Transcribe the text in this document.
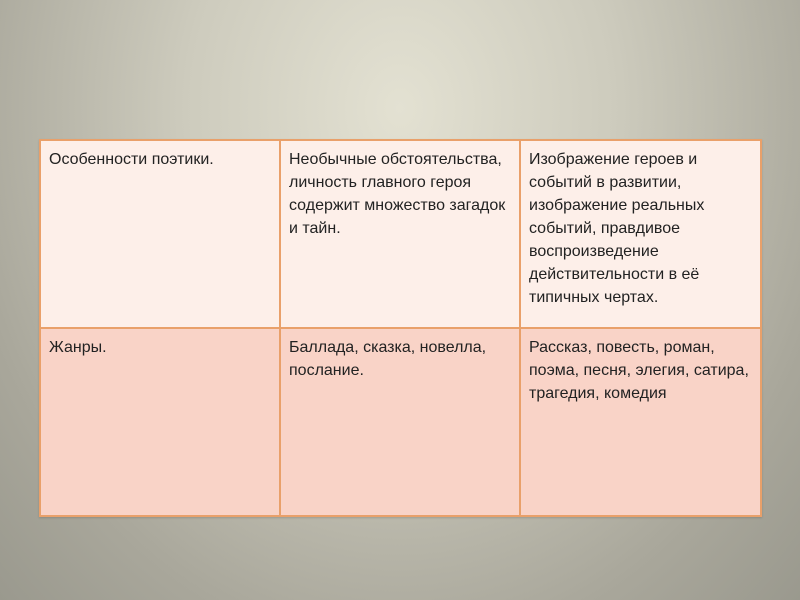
Особенности поэтики.	Необычные обстоятельства, личность главного героя содержит множество загадок и тайн.	Изображение героев и событий в развитии, изображение реальных событий, правдивое воспроизведение действительности в её типичных чертах.

Жанры.	Баллада, сказка, новелла, послание.	Рассказ, повесть, роман, поэма, песня, элегия, сатира, трагедия, комедия
